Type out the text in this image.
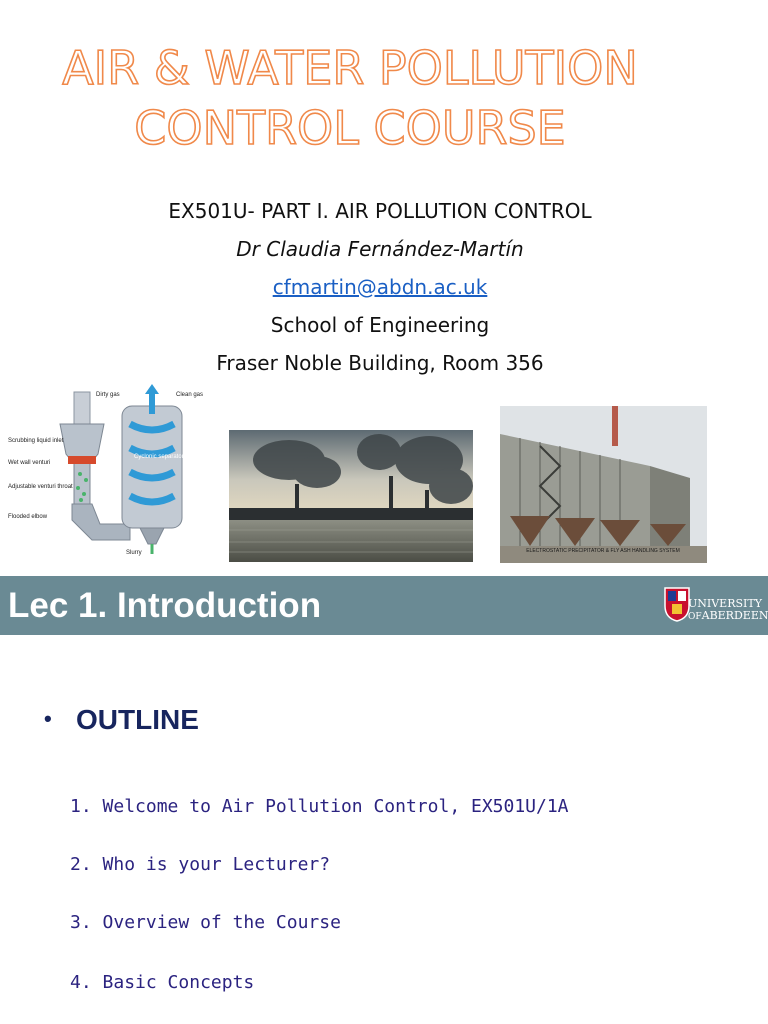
AIR & WATER POLLUTION
CONTROL COURSE
EX501U- PART I. AIR POLLUTION CONTROL
Dr Claudia Fernández-Martín
cfmartin@abdn.ac.uk
School of Engineering
Fraser Noble Building, Room 356
Dirty gas	Clean gas
Scrubbing liquid inlet
Wet wall venturi
Adjustable venturi throat
Flooded elbow
Cyclonic separator
Slurry	ELECTROSTATIC PRECIPITATOR & FLY ASH HANDLING SYSTEM
Lec 1. Introduction	UNIVERSITY
OFABERDEEN
• OUTLINE
1. Welcome to Air Pollution Control, EX501U/1A
2. Who is your Lecturer?
3. Overview of the Course
4. Basic Concepts
